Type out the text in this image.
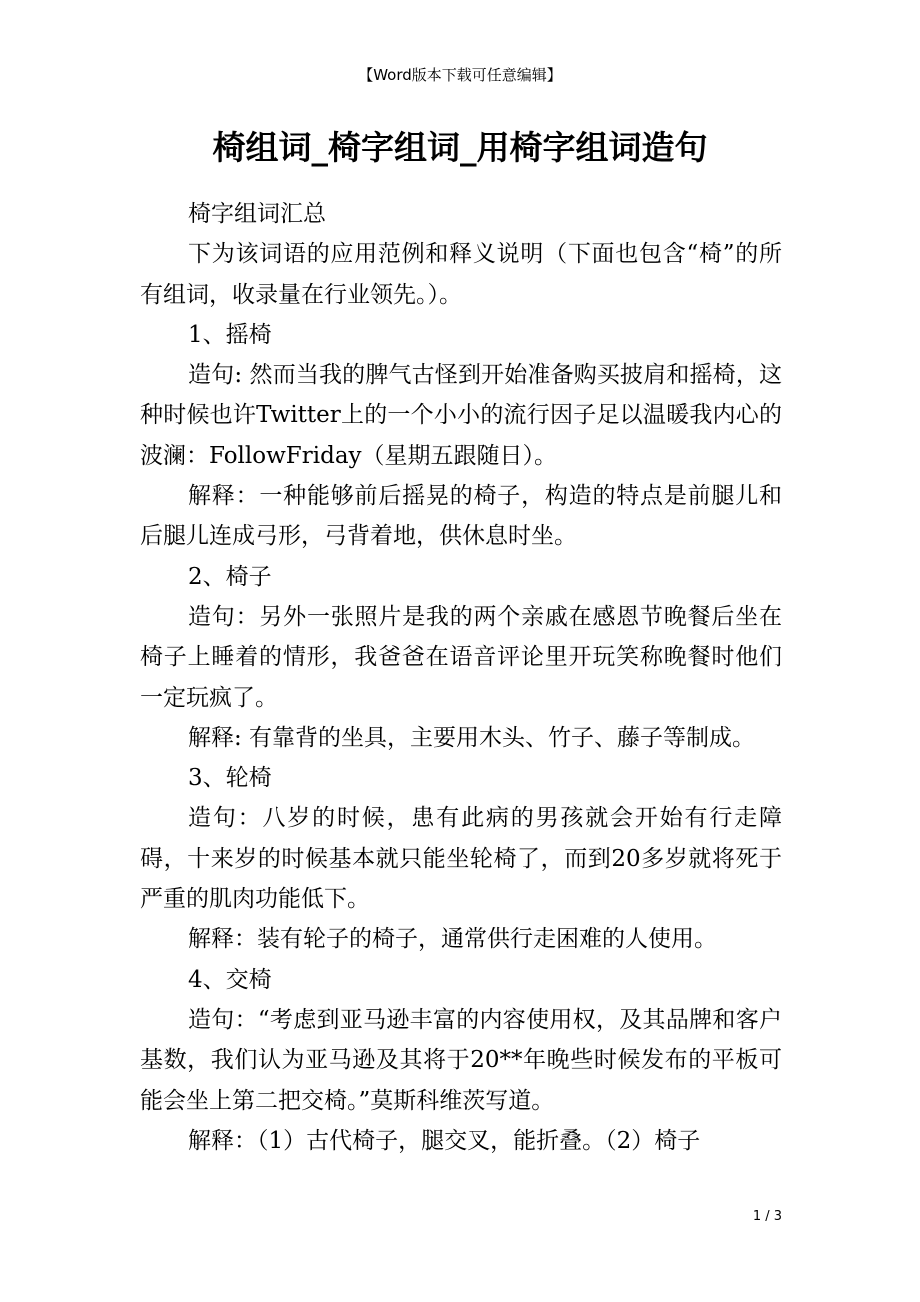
【Word版本下载可任意编辑】
椅组词_椅字组词_用椅字组词造句

椅字组词汇总

下为该词语的应用范例和释义说明（下面也包含“椅”的所有组词，收录量在行业领先。）。

1、摇椅

造句: 然而当我的脾气古怪到开始准备购买披肩和摇椅，这种时候也许Twitter上的一个小小的流行因子足以温暖我内心的波澜：FollowFriday（星期五跟随日）。

解释：一种能够前后摇晃的椅子，构造的特点是前腿儿和后腿儿连成弓形，弓背着地，供休息时坐。

2、椅子

造句：另外一张照片是我的两个亲戚在感恩节晚餐后坐在椅子上睡着的情形，我爸爸在语音评论里开玩笑称晚餐时他们一定玩疯了。

解释: 有靠背的坐具，主要用木头、竹子、藤子等制成。

3、轮椅

造句：八岁的时候，患有此病的男孩就会开始有行走障碍，十来岁的时候基本就只能坐轮椅了，而到20多岁就将死于严重的肌肉功能低下。

解释：装有轮子的椅子，通常供行走困难的人使用。

4、交椅

造句：“考虑到亚马逊丰富的内容使用权，及其品牌和客户基数，我们认为亚马逊及其将于20**年晚些时候发布的平板可能会坐上第二把交椅。”莫斯科维茨写道。

解释：（1）古代椅子，腿交叉，能折叠。（2）椅子

1 / 3
